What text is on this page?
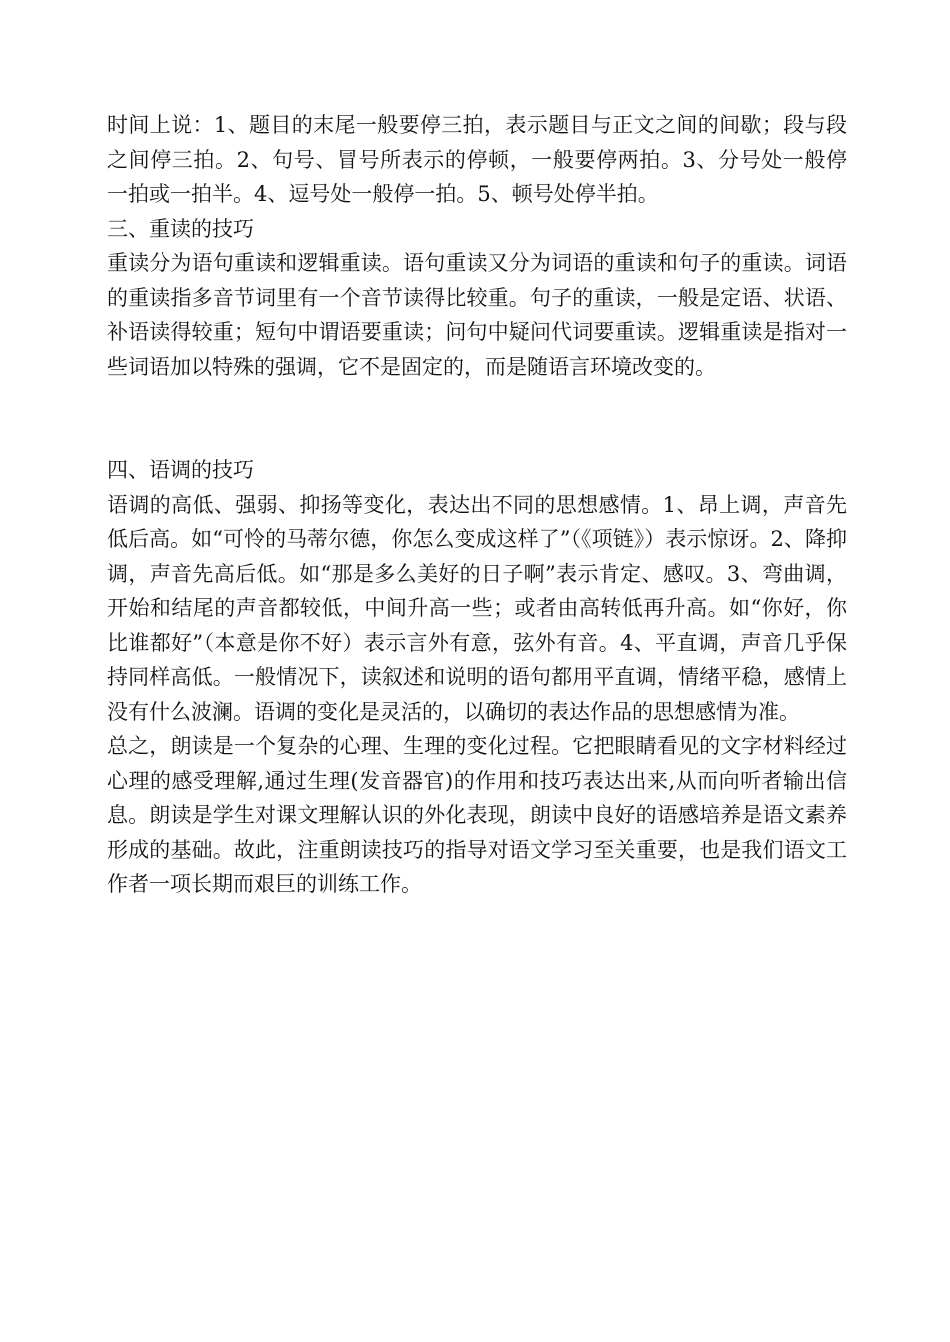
时间上说：1、题目的末尾一般要停三拍，表示题目与正文之间的间歇；段与段之间停三拍。2、句号、冒号所表示的停顿，一般要停两拍。3、分号处一般停一拍或一拍半。4、逗号处一般停一拍。5、顿号处停半拍。

三、重读的技巧

重读分为语句重读和逻辑重读。语句重读又分为词语的重读和句子的重读。词语的重读指多音节词里有一个音节读得比较重。句子的重读，一般是定语、状语、补语读得较重；短句中谓语要重读；问句中疑问代词要重读。逻辑重读是指对一些词语加以特殊的强调，它不是固定的，而是随语言环境改变的。

四、语调的技巧

语调的高低、强弱、抑扬等变化，表达出不同的思想感情。1、昂上调，声音先低后高。如“可怜的马蒂尔德，你怎么变成这样了”（《项链》）表示惊讶。2、降抑调，声音先高后低。如“那是多么美好的日子啊”表示肯定、感叹。3、弯曲调，开始和结尾的声音都较低，中间升高一些；或者由高转低再升高。如“你好，你比谁都好”（本意是你不好）表示言外有意，弦外有音。4、平直调，声音几乎保持同样高低。一般情况下，读叙述和说明的语句都用平直调，情绪平稳，感情上没有什么波澜。语调的变化是灵活的，以确切的表达作品的思想感情为准。

总之，朗读是一个复杂的心理、生理的变化过程。它把眼睛看见的文字材料经过心理的感受理解,通过生理(发音器官)的作用和技巧表达出来,从而向听者输出信息。朗读是学生对课文理解认识的外化表现，朗读中良好的语感培养是语文素养形成的基础。故此，注重朗读技巧的指导对语文学习至关重要，也是我们语文工作者一项长期而艰巨的训练工作。
